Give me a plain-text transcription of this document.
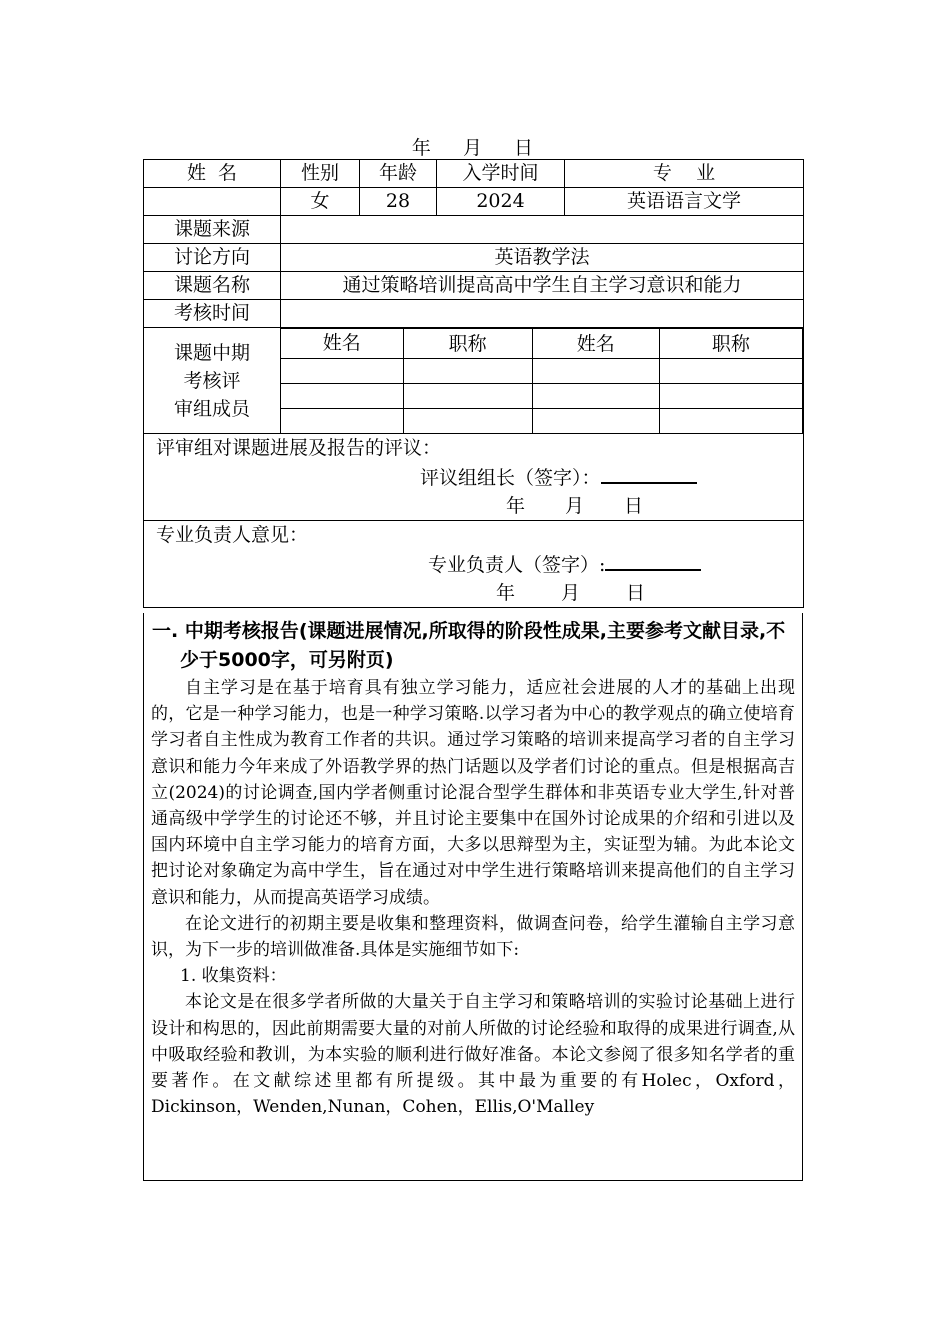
年 月 日
姓  名	性别	年龄	入学时间	专    业
	女	28	2024	英语语言文学
课题来源	
讨论方向	英语教学法
课题名称	通过策略培训提高高中学生自主学习意识和能力
考核时间	

课题中期
考核评
审组成员

姓名	职称	姓名	职称

评审组对课题进展及报告的评议：
评议组组长（签字）：
年 月 日

专业负责人意见：
专业负责人（签字）:
年 月 日
一. 中期考核报告(课题进展情况,所取得的阶段性成果,主要参考文献目录,不少于5000字，可另附页)

自主学习是在基于培育具有独立学习能力，适应社会进展的人才的基础上出现的，它是一种学习能力，也是一种学习策略.以学习者为中心的教学观点的确立使培育学习者自主性成为教育工作者的共识。通过学习策略的培训来提高学习者的自主学习意识和能力今年来成了外语教学界的热门话题以及学者们讨论的重点。但是根据高吉立(2024)的讨论调查,国内学者侧重讨论混合型学生群体和非英语专业大学生,针对普通高级中学学生的讨论还不够，并且讨论主要集中在国外讨论成果的介绍和引进以及国内环境中自主学习能力的培育方面，大多以思辩型为主，实证型为辅。为此本论文把讨论对象确定为高中学生，旨在通过对中学生进行策略培训来提高他们的自主学习意识和能力，从而提高英语学习成绩。

在论文进行的初期主要是收集和整理资料，做调查问卷，给学生灌输自主学习意识，为下一步的培训做准备.具体是实施细节如下:

1. 收集资料：

本论文是在很多学者所做的大量关于自主学习和策略培训的实验讨论基础上进行设计和构思的，因此前期需要大量的对前人所做的讨论经验和取得的成果进行调查,从中吸取经验和教训，为本实验的顺利进行做好准备。本论文参阅了很多知名学者的重要著作。在文献综述里都有所提级。其中最为重要的有Holec，Oxford，Dickinson，Wenden,Nunan，Cohen，Ellis,O'Malley
